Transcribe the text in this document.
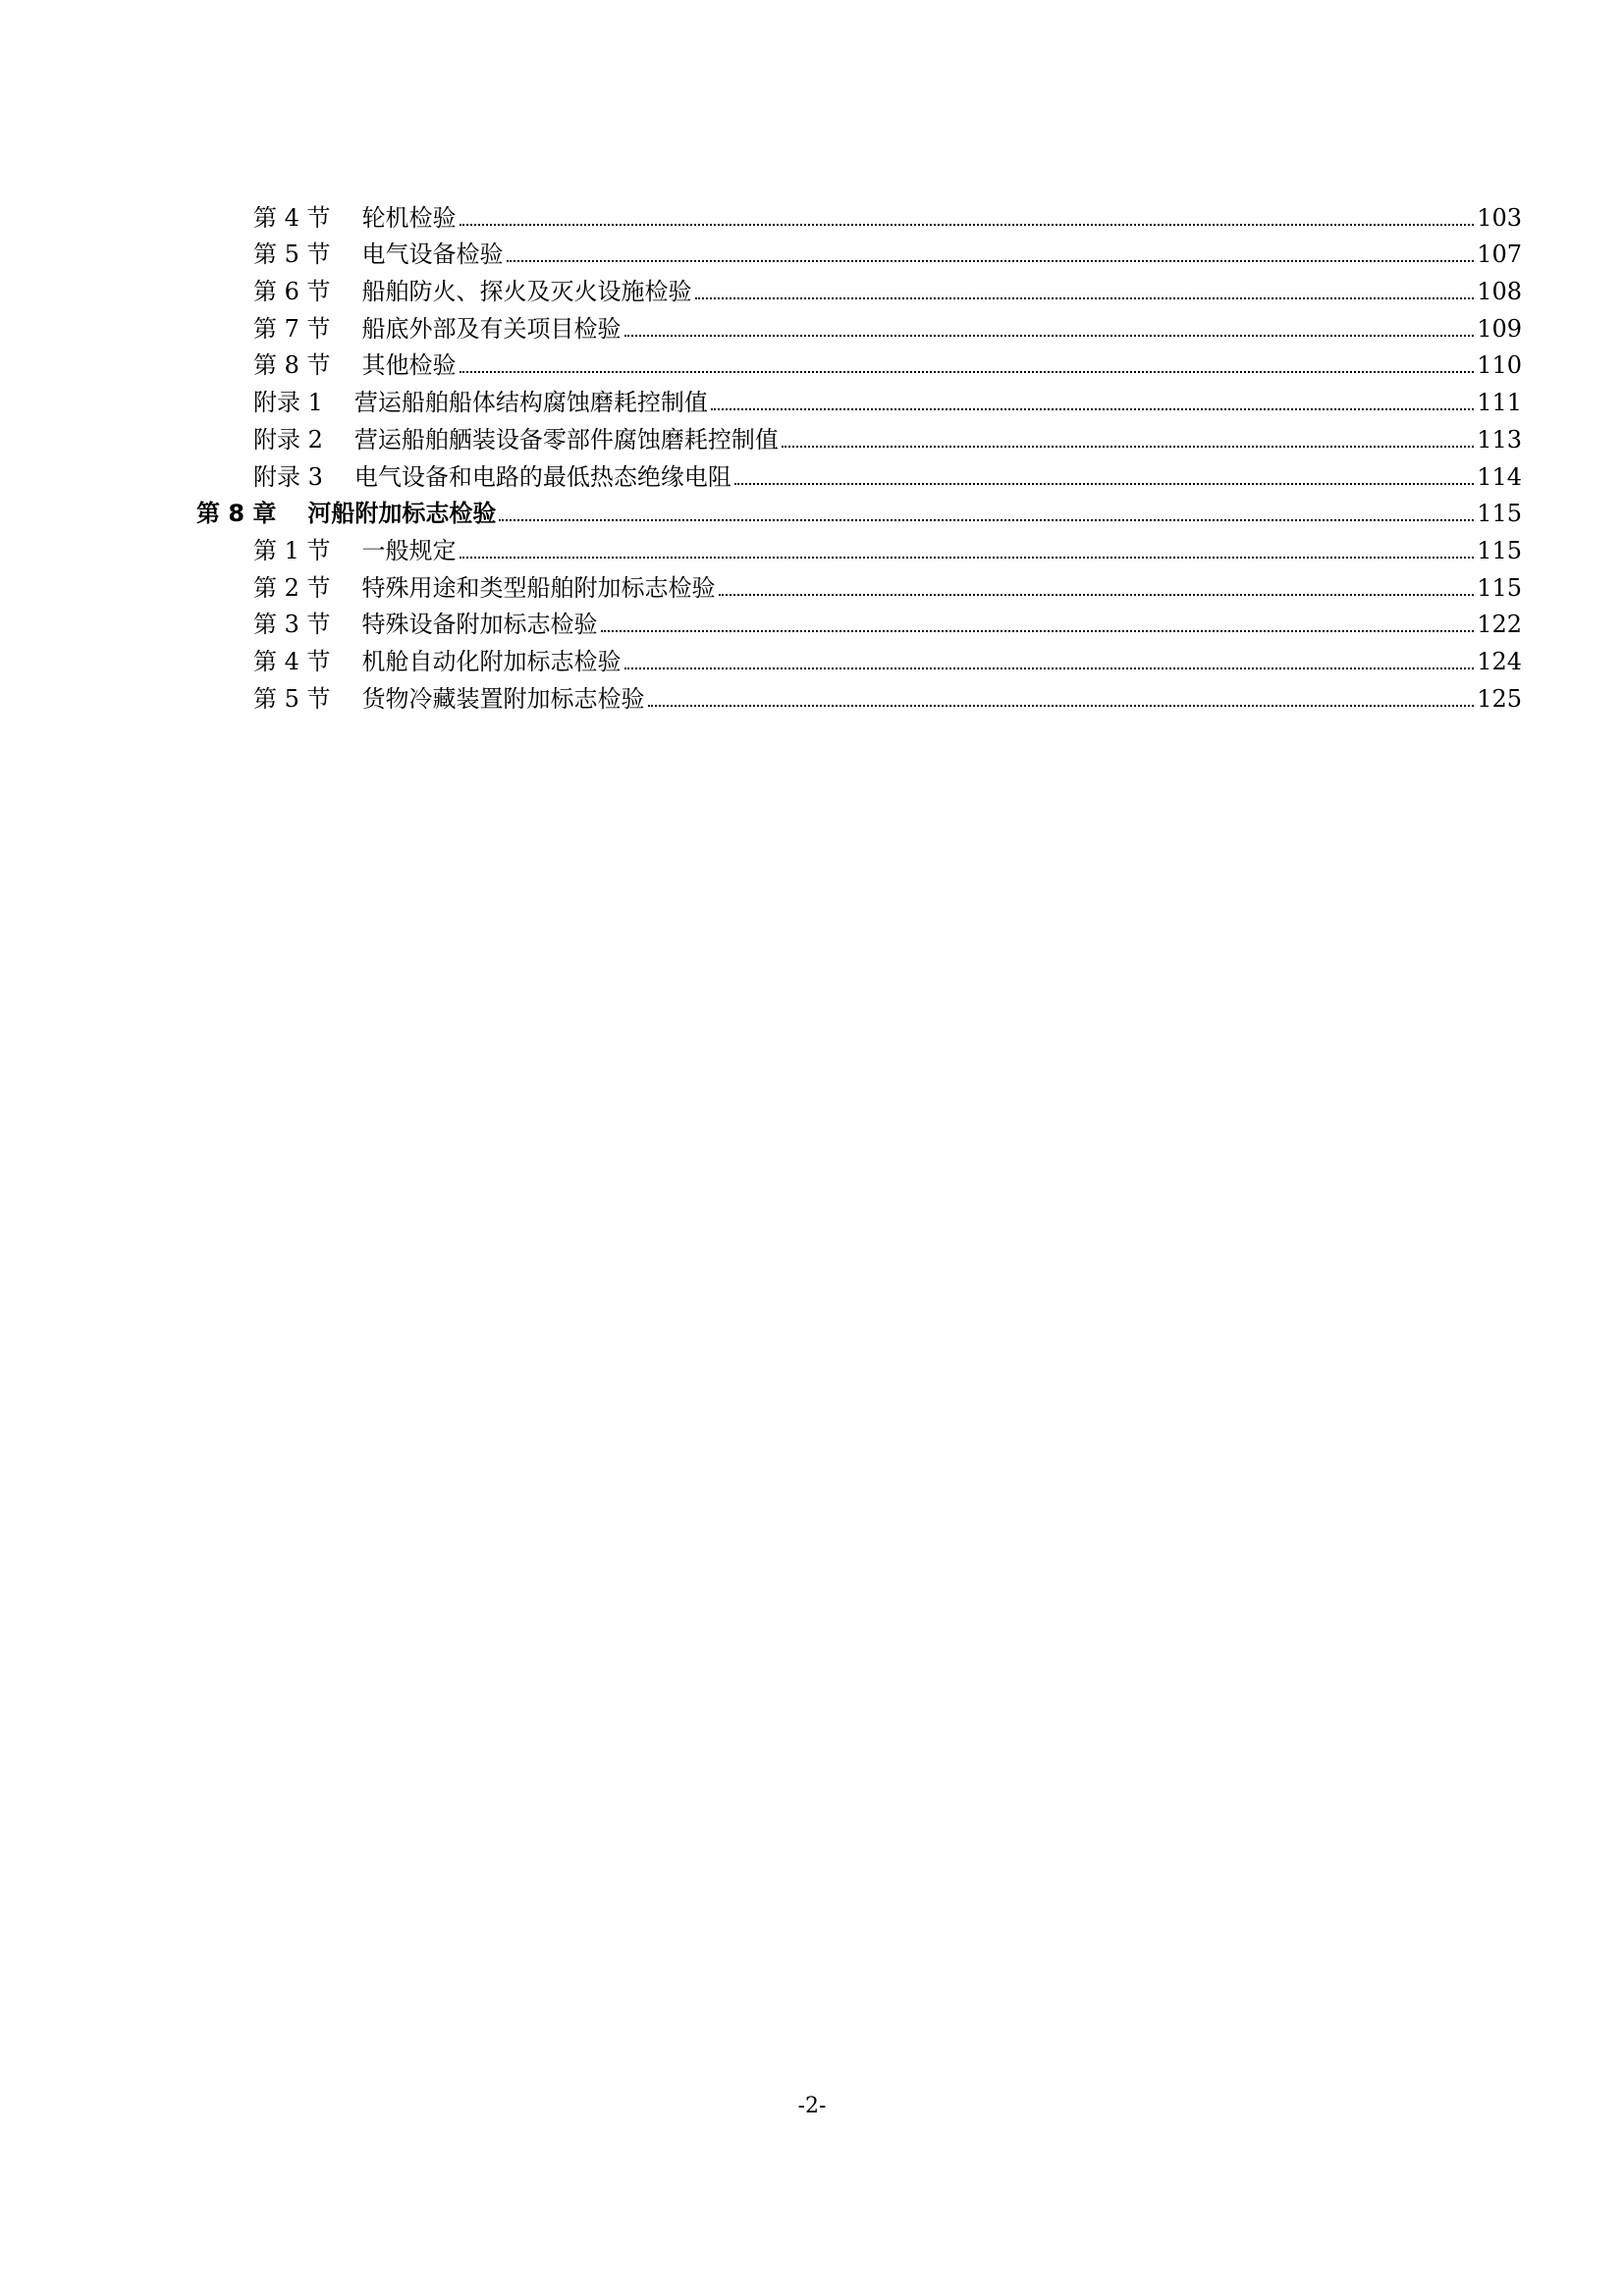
第 4 节 轮机检验	103
第 5 节 电气设备检验	107
第 6 节 船舶防火、探火及灭火设施检验	108
第 7 节 船底外部及有关项目检验	109
第 8 节 其他检验	110
附录 1 营运船舶船体结构腐蚀磨耗控制值	111
附录 2 营运船舶舾装设备零部件腐蚀磨耗控制值	113
附录 3 电气设备和电路的最低热态绝缘电阻	114
第 8 章 河船附加标志检验	115
第 1 节 一般规定	115
第 2 节 特殊用途和类型船舶附加标志检验	115
第 3 节 特殊设备附加标志检验	122
第 4 节 机舱自动化附加标志检验	124
第 5 节 货物冷藏装置附加标志检验	125
-2-
